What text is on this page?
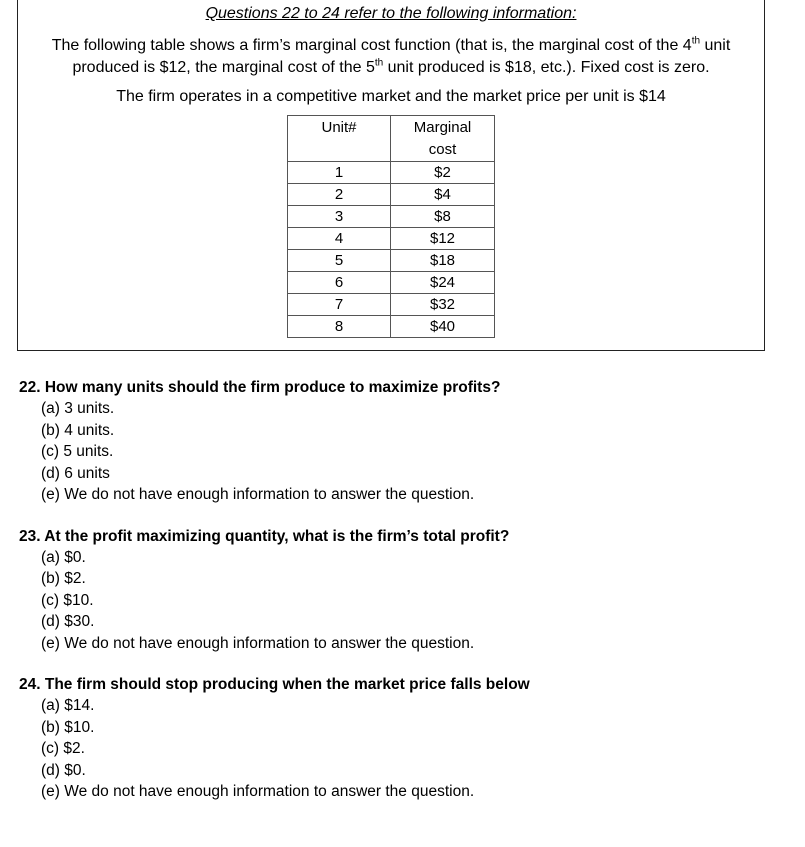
Questions 22 to 24 refer to the following information:
The following table shows a firm’s marginal cost function (that is, the marginal cost of the 4th unit
produced is $12, the marginal cost of the 5th unit produced is $18, etc.). Fixed cost is zero.
The firm operates in a competitive market and the market price per unit is $14
Unit#	Marginal
cost

1	$2
2	$4
3	$8
4	$12
5	$18
6	$24
7	$32
8	$40
22. How many units should the firm produce to maximize profits?
(a) 3 units.
(b) 4 units.
(c) 5 units.
(d) 6 units
(e) We do not have enough information to answer the question.
23. At the profit maximizing quantity, what is the firm’s total profit?
(a) $0.
(b) $2.
(c) $10.
(d) $30.
(e) We do not have enough information to answer the question.
24. The firm should stop producing when the market price falls below
(a) $14.
(b) $10.
(c) $2.
(d) $0.
(e) We do not have enough information to answer the question.
